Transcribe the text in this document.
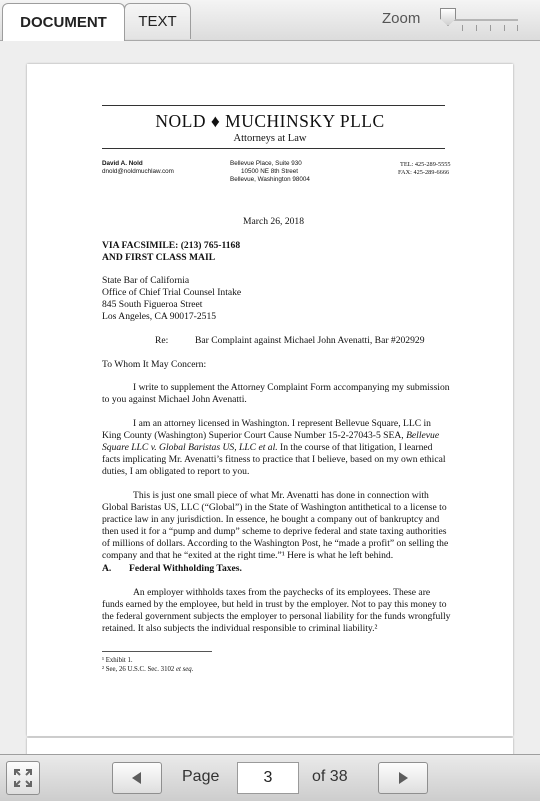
DOCUMENT	TEXT	Zoom
NOLD ♦ MUCHINSKY PLLC
Attorneys at Law
David A. Nold
dnold@noldmuchlaw.com
Bellevue Place, Suite 930
10500 NE 8th Street
Bellevue, Washington 98004
TEL: 425-289-5555
FAX: 425-289-6666
March 26, 2018
VIA FACSIMILE: (213) 765-1168
AND FIRST CLASS MAIL

State Bar of California

Office of Chief Trial Counsel Intake

845 South Figueroa Street

Los Angeles, CA 90017-2515

Re:	Bar Complaint against Michael John Avenatti, Bar #202929
To Whom It May Concern:

I write to supplement the Attorney Complaint Form accompanying my submission

to you against Michael John Avenatti.

I am an attorney licensed in Washington. I represent Bellevue Square, LLC in

King County (Washington) Superior Court Cause Number 15-2-27043-5 SEA, Bellevue

Square LLC v. Global Baristas US, LLC et al. In the course of that litigation, I learned

facts implicating Mr. Avenatti’s fitness to practice that I believe, based on my own ethical

duties, I am obligated to report to you.

This is just one small piece of what Mr. Avenatti has done in connection with

Global Baristas US, LLC (“Global”) in the State of Washington antithetical to a license to

practice law in any jurisdiction. In essence, he bought a company out of bankruptcy and

then used it for a “pump and dump” scheme to deprive federal and state taxing authorities

of millions of dollars. According to the Washington Post, he “made a profit” on selling the

company and that he “exited at the right time.”¹ Here is what he left behind.

A. Federal Withholding Taxes.

An employer withholds taxes from the paychecks of its employees. These are

funds earned by the employee, but held in trust by the employer. Not to pay this money to

the federal government subjects the employer to personal liability for the funds wrongfully

retained. It also subjects the individual responsible to criminal liability.²

¹ Exhibit 1.
² See, 26 U.S.C. Sec. 3102 et seq.
Page
3	of 38
